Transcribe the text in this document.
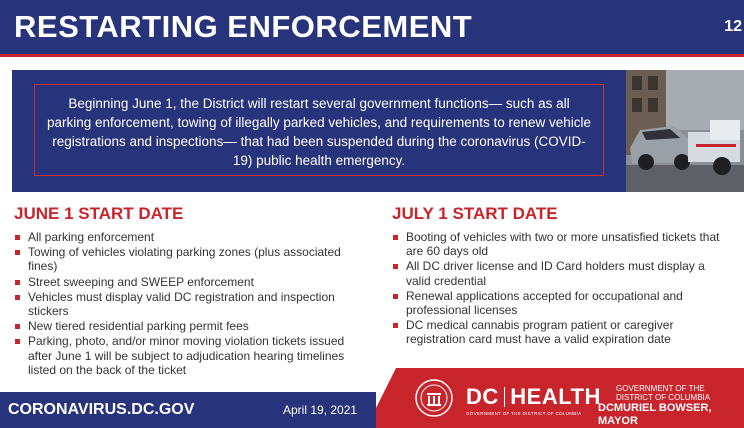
RESTARTING ENFORCEMENT	12
Beginning June 1, the District will restart several government functions— such as all parking enforcement, towing of illegally parked vehicles, and requirements to renew vehicle registrations and inspections— that had been suspended during the coronavirus (COVID-19) public health emergency.
JUNE 1 START DATE
All parking enforcement
Towing of vehicles violating parking zones (plus associated fines)
Street sweeping and SWEEP enforcement
Vehicles must display valid DC registration and inspection stickers
New tiered residential parking permit fees
Parking, photo, and/or minor moving violation tickets issued after June 1 will be subject to adjudication hearing timelines listed on the back of the ticket
JULY 1 START DATE
Booting of vehicles with two or more unsatisfied tickets that are 60 days old
All DC driver license and ID Card holders must display a valid credential
Renewal applications accepted for occupational and professional licenses
DC medical cannabis program patient or caregiver registration card must have a valid expiration date
CORONAVIRUS.DC.GOV	April 19, 2021
DC HEALTH
GOVERNMENT OF THE DISTRICT OF COLUMBIA
GOVERNMENT OF THE
DISTRICT OF COLUMBIA
DCMURIEL BOWSER, MAYOR
